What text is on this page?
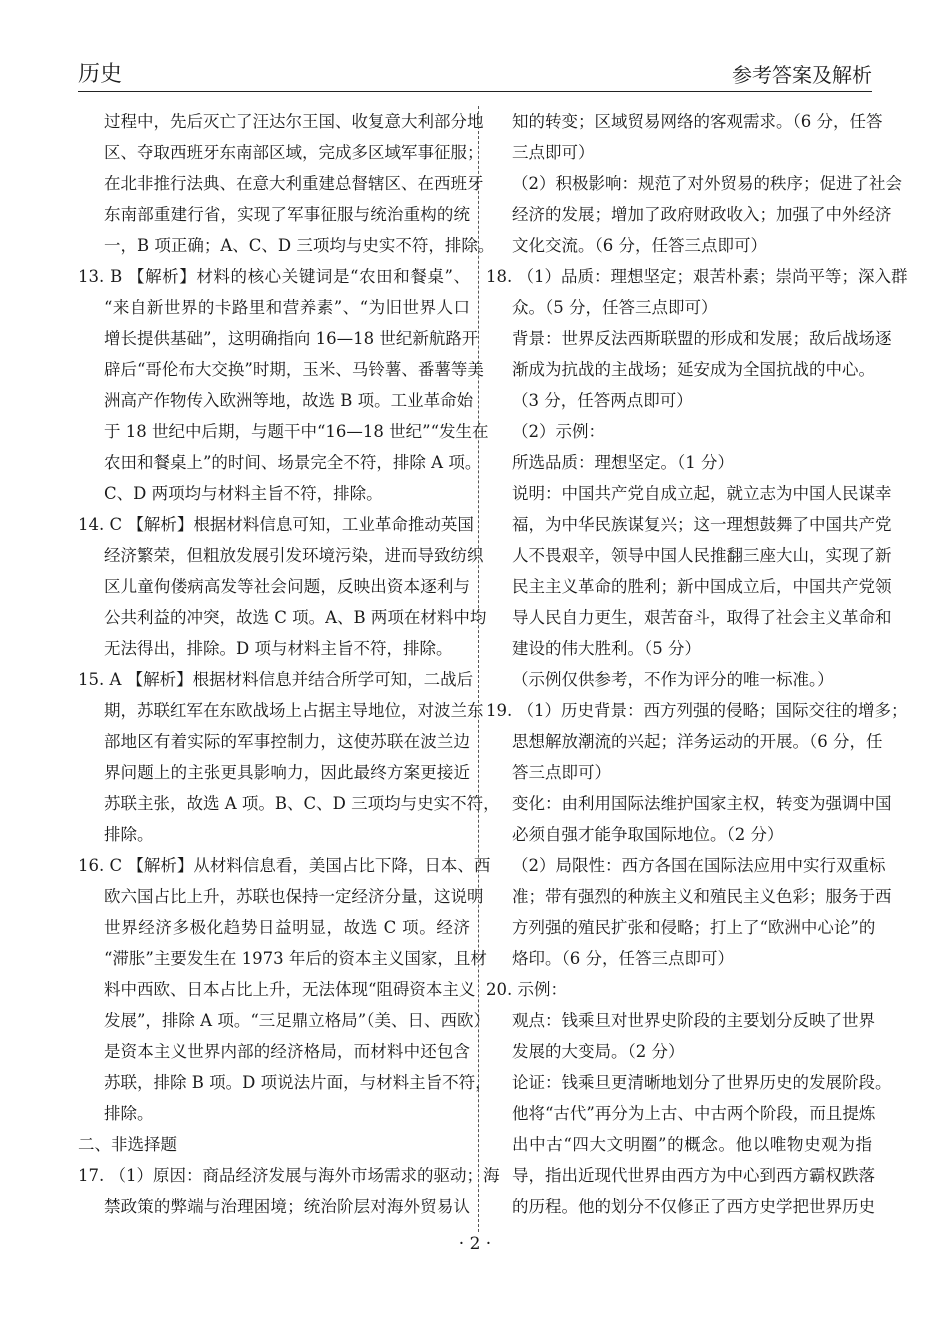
历史	参考答案及解析
过程中，先后灭亡了汪达尔王国、收复意大利部分地
区、夺取西班牙东南部区域，完成多区域军事征服；
在北非推行法典、在意大利重建总督辖区、在西班牙
东南部重建行省，实现了军事征服与统治重构的统
一，B 项正确；A、C、D 三项均与史实不符，排除。
13. B 【解析】材料的核心关键词是“农田和餐桌”、
“来自新世界的卡路里和营养素”、“为旧世界人口
增长提供基础”，这明确指向 16—18 世纪新航路开
辟后“哥伦布大交换”时期，玉米、马铃薯、番薯等美
洲高产作物传入欧洲等地，故选 B 项。工业革命始
于 18 世纪中后期，与题干中“16—18 世纪”“发生在
农田和餐桌上”的时间、场景完全不符，排除 A 项。
C、D 两项均与材料主旨不符，排除。
14. C 【解析】根据材料信息可知，工业革命推动英国
经济繁荣，但粗放发展引发环境污染，进而导致纺织
区儿童佝偻病高发等社会问题，反映出资本逐利与
公共利益的冲突，故选 C 项。A、B 两项在材料中均
无法得出，排除。D 项与材料主旨不符，排除。
15. A 【解析】根据材料信息并结合所学可知，二战后
期，苏联红军在东欧战场上占据主导地位，对波兰东
部地区有着实际的军事控制力，这使苏联在波兰边
界问题上的主张更具影响力，因此最终方案更接近
苏联主张，故选 A 项。B、C、D 三项均与史实不符，
排除。
16. C 【解析】从材料信息看，美国占比下降，日本、西
欧六国占比上升，苏联也保持一定经济分量，这说明
世界经济多极化趋势日益明显，故选 C 项。经济
“滞胀”主要发生在 1973 年后的资本主义国家，且材
料中西欧、日本占比上升，无法体现“阻碍资本主义
发展”，排除 A 项。“三足鼎立格局”（美、日、西欧）
是资本主义世界内部的经济格局，而材料中还包含
苏联，排除 B 项。D 项说法片面，与材料主旨不符，
排除。
二、非选择题
17. （1）原因：商品经济发展与海外市场需求的驱动；海
禁政策的弊端与治理困境；统治阶层对海外贸易认
知的转变；区域贸易网络的客观需求。（6 分，任答
三点即可）
（2）积极影响：规范了对外贸易的秩序；促进了社会
经济的发展；增加了政府财政收入；加强了中外经济
文化交流。（6 分，任答三点即可）
18. （1）品质：理想坚定；艰苦朴素；崇尚平等；深入群
众。（5 分，任答三点即可）
背景：世界反法西斯联盟的形成和发展；敌后战场逐
渐成为抗战的主战场；延安成为全国抗战的中心。
（3 分，任答两点即可）
（2）示例：
所选品质：理想坚定。（1 分）
说明：中国共产党自成立起，就立志为中国人民谋幸
福，为中华民族谋复兴；这一理想鼓舞了中国共产党
人不畏艰辛，领导中国人民推翻三座大山，实现了新
民主主义革命的胜利；新中国成立后，中国共产党领
导人民自力更生，艰苦奋斗，取得了社会主义革命和
建设的伟大胜利。（5 分）
（示例仅供参考，不作为评分的唯一标准。）
19. （1）历史背景：西方列强的侵略；国际交往的增多；
思想解放潮流的兴起；洋务运动的开展。（6 分，任
答三点即可）
变化：由利用国际法维护国家主权，转变为强调中国
必须自强才能争取国际地位。（2 分）
（2）局限性：西方各国在国际法应用中实行双重标
准；带有强烈的种族主义和殖民主义色彩；服务于西
方列强的殖民扩张和侵略；打上了“欧洲中心论”的
烙印。（6 分，任答三点即可）
20. 示例：
观点：钱乘旦对世界史阶段的主要划分反映了世界
发展的大变局。（2 分）
论证：钱乘旦更清晰地划分了世界历史的发展阶段。
他将“古代”再分为上古、中古两个阶段，而且提炼
出中古“四大文明圈”的概念。他以唯物史观为指
导，指出近现代世界由西方为中心到西方霸权跌落
的历程。他的划分不仅修正了西方史学把世界历史
· 2 ·
